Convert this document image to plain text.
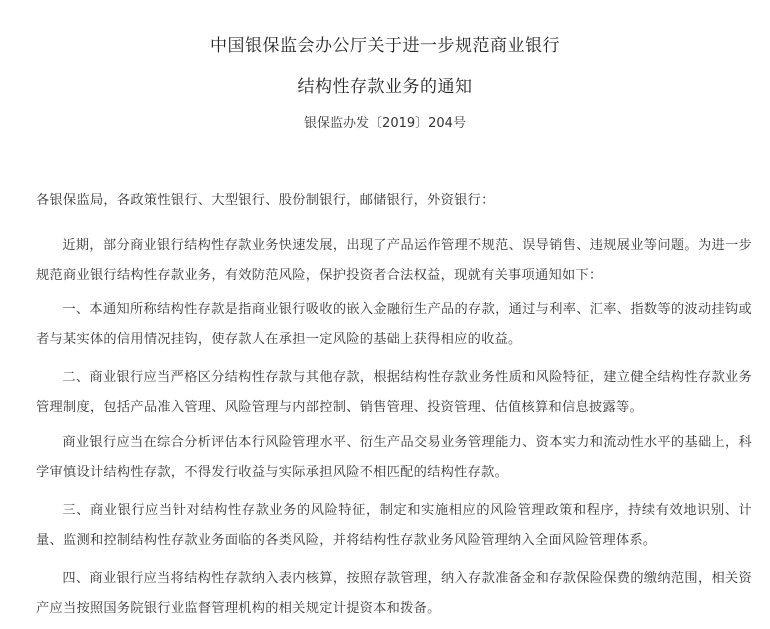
中国银保监会办公厅关于进一步规范商业银行
结构性存款业务的通知
银保监办发〔2019〕204号
各银保监局，各政策性银行、大型银行、股份制银行，邮储银行，外资银行：
近期，部分商业银行结构性存款业务快速发展，出现了产品运作管理不规范、误导销售、违规展业等问题。为进一步规范商业银行结构性存款业务，有效防范风险，保护投资者合法权益，现就有关事项通知如下：
一、本通知所称结构性存款是指商业银行吸收的嵌入金融衍生产品的存款，通过与利率、汇率、指数等的波动挂钩或者与某实体的信用情况挂钩，使存款人在承担一定风险的基础上获得相应的收益。
二、商业银行应当严格区分结构性存款与其他存款，根据结构性存款业务性质和风险特征，建立健全结构性存款业务管理制度，包括产品准入管理、风险管理与内部控制、销售管理、投资管理、估值核算和信息披露等。
商业银行应当在综合分析评估本行风险管理水平、衍生产品交易业务管理能力、资本实力和流动性水平的基础上，科学审慎设计结构性存款，不得发行收益与实际承担风险不相匹配的结构性存款。
三、商业银行应当针对结构性存款业务的风险特征，制定和实施相应的风险管理政策和程序，持续有效地识别、计量、监测和控制结构性存款业务面临的各类风险，并将结构性存款业务风险管理纳入全面风险管理体系。
四、商业银行应当将结构性存款纳入表内核算，按照存款管理，纳入存款准备金和存款保险保费的缴纳范围，相关资产应当按照国务院银行业监督管理机构的相关规定计提资本和拨备。
